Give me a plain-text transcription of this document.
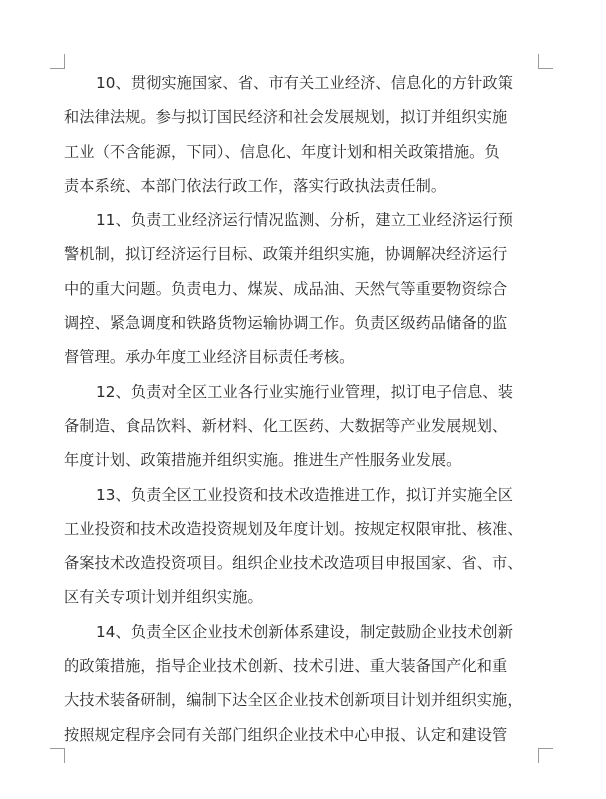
10、贯彻实施国家、省、市有关工业经济、信息化的方针政策
和法律法规。参与拟订国民经济和社会发展规划，拟订并组织实施
工业（不含能源，下同）、信息化、年度计划和相关政策措施。负
责本系统、本部门依法行政工作，落实行政执法责任制。
11、负责工业经济运行情况监测、分析，建立工业经济运行预
警机制，拟订经济运行目标、政策并组织实施，协调解决经济运行
中的重大问题。负责电力、煤炭、成品油、天然气等重要物资综合
调控、紧急调度和铁路货物运输协调工作。负责区级药品储备的监
督管理。承办年度工业经济目标责任考核。
12、负责对全区工业各行业实施行业管理，拟订电子信息、装
备制造、食品饮料、新材料、化工医药、大数据等产业发展规划、
年度计划、政策措施并组织实施。推进生产性服务业发展。
13、负责全区工业投资和技术改造推进工作，拟订并实施全区
工业投资和技术改造投资规划及年度计划。按规定权限审批、核准、
备案技术改造投资项目。组织企业技术改造项目申报国家、省、市、
区有关专项计划并组织实施。
14、负责全区企业技术创新体系建设，制定鼓励企业技术创新
的政策措施，指导企业技术创新、技术引进、重大装备国产化和重
大技术装备研制，编制下达全区企业技术创新项目计划并组织实施，
按照规定程序会同有关部门组织企业技术中心申报、认定和建设管
